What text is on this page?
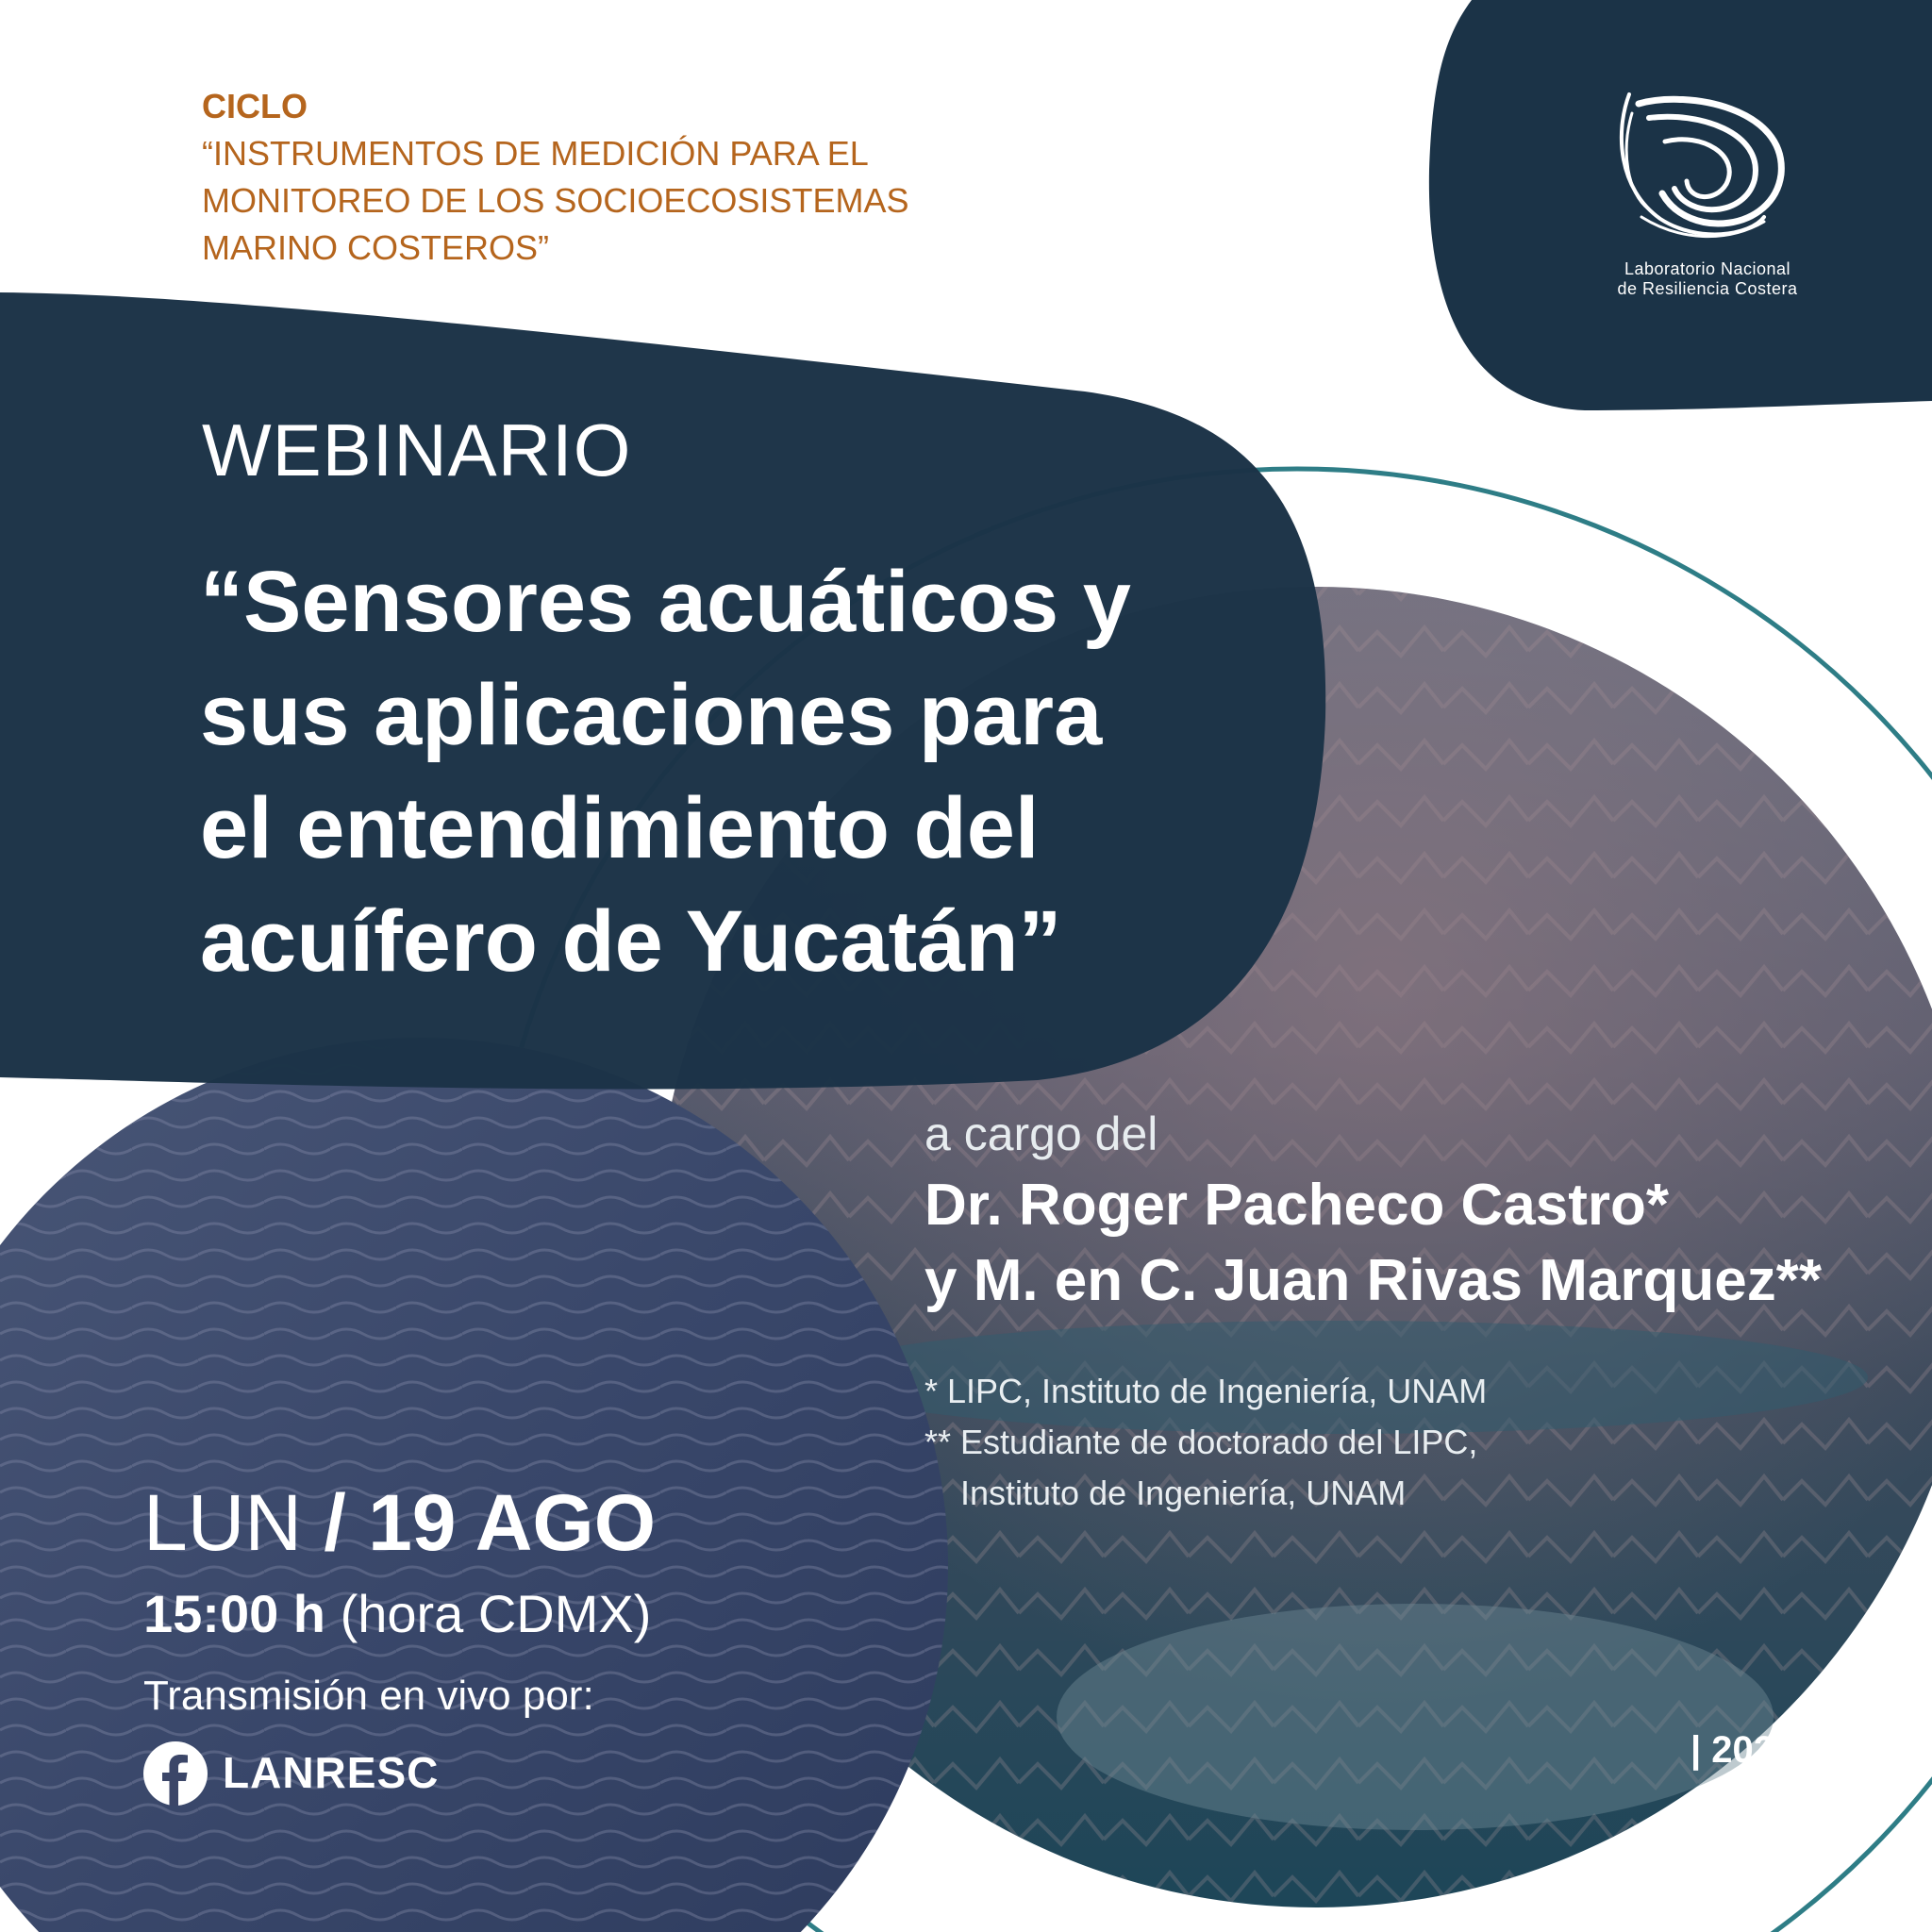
CICLO
“INSTRUMENTOS DE MEDICIÓN PARA EL
MONITOREO DE LOS SOCIOECOSISTEMAS
MARINO COSTEROS”
Laboratorio Nacional
de Resiliencia Costera
WEBINARIO
“Sensores acuáticos y
sus aplicaciones para
el entendimiento del
acuífero de Yucatán”
a cargo del
Dr. Roger Pacheco Castro*
y M. en C. Juan Rivas Marquez**
* LIPC, Instituto de Ingeniería, UNAM
** Estudiante de doctorado del LIPC,
Instituto de Ingeniería, UNAM
LUN / 19 AGO
15:00 h (hora CDMX)
Transmisión en vivo por:
LANRESC	| 2024
